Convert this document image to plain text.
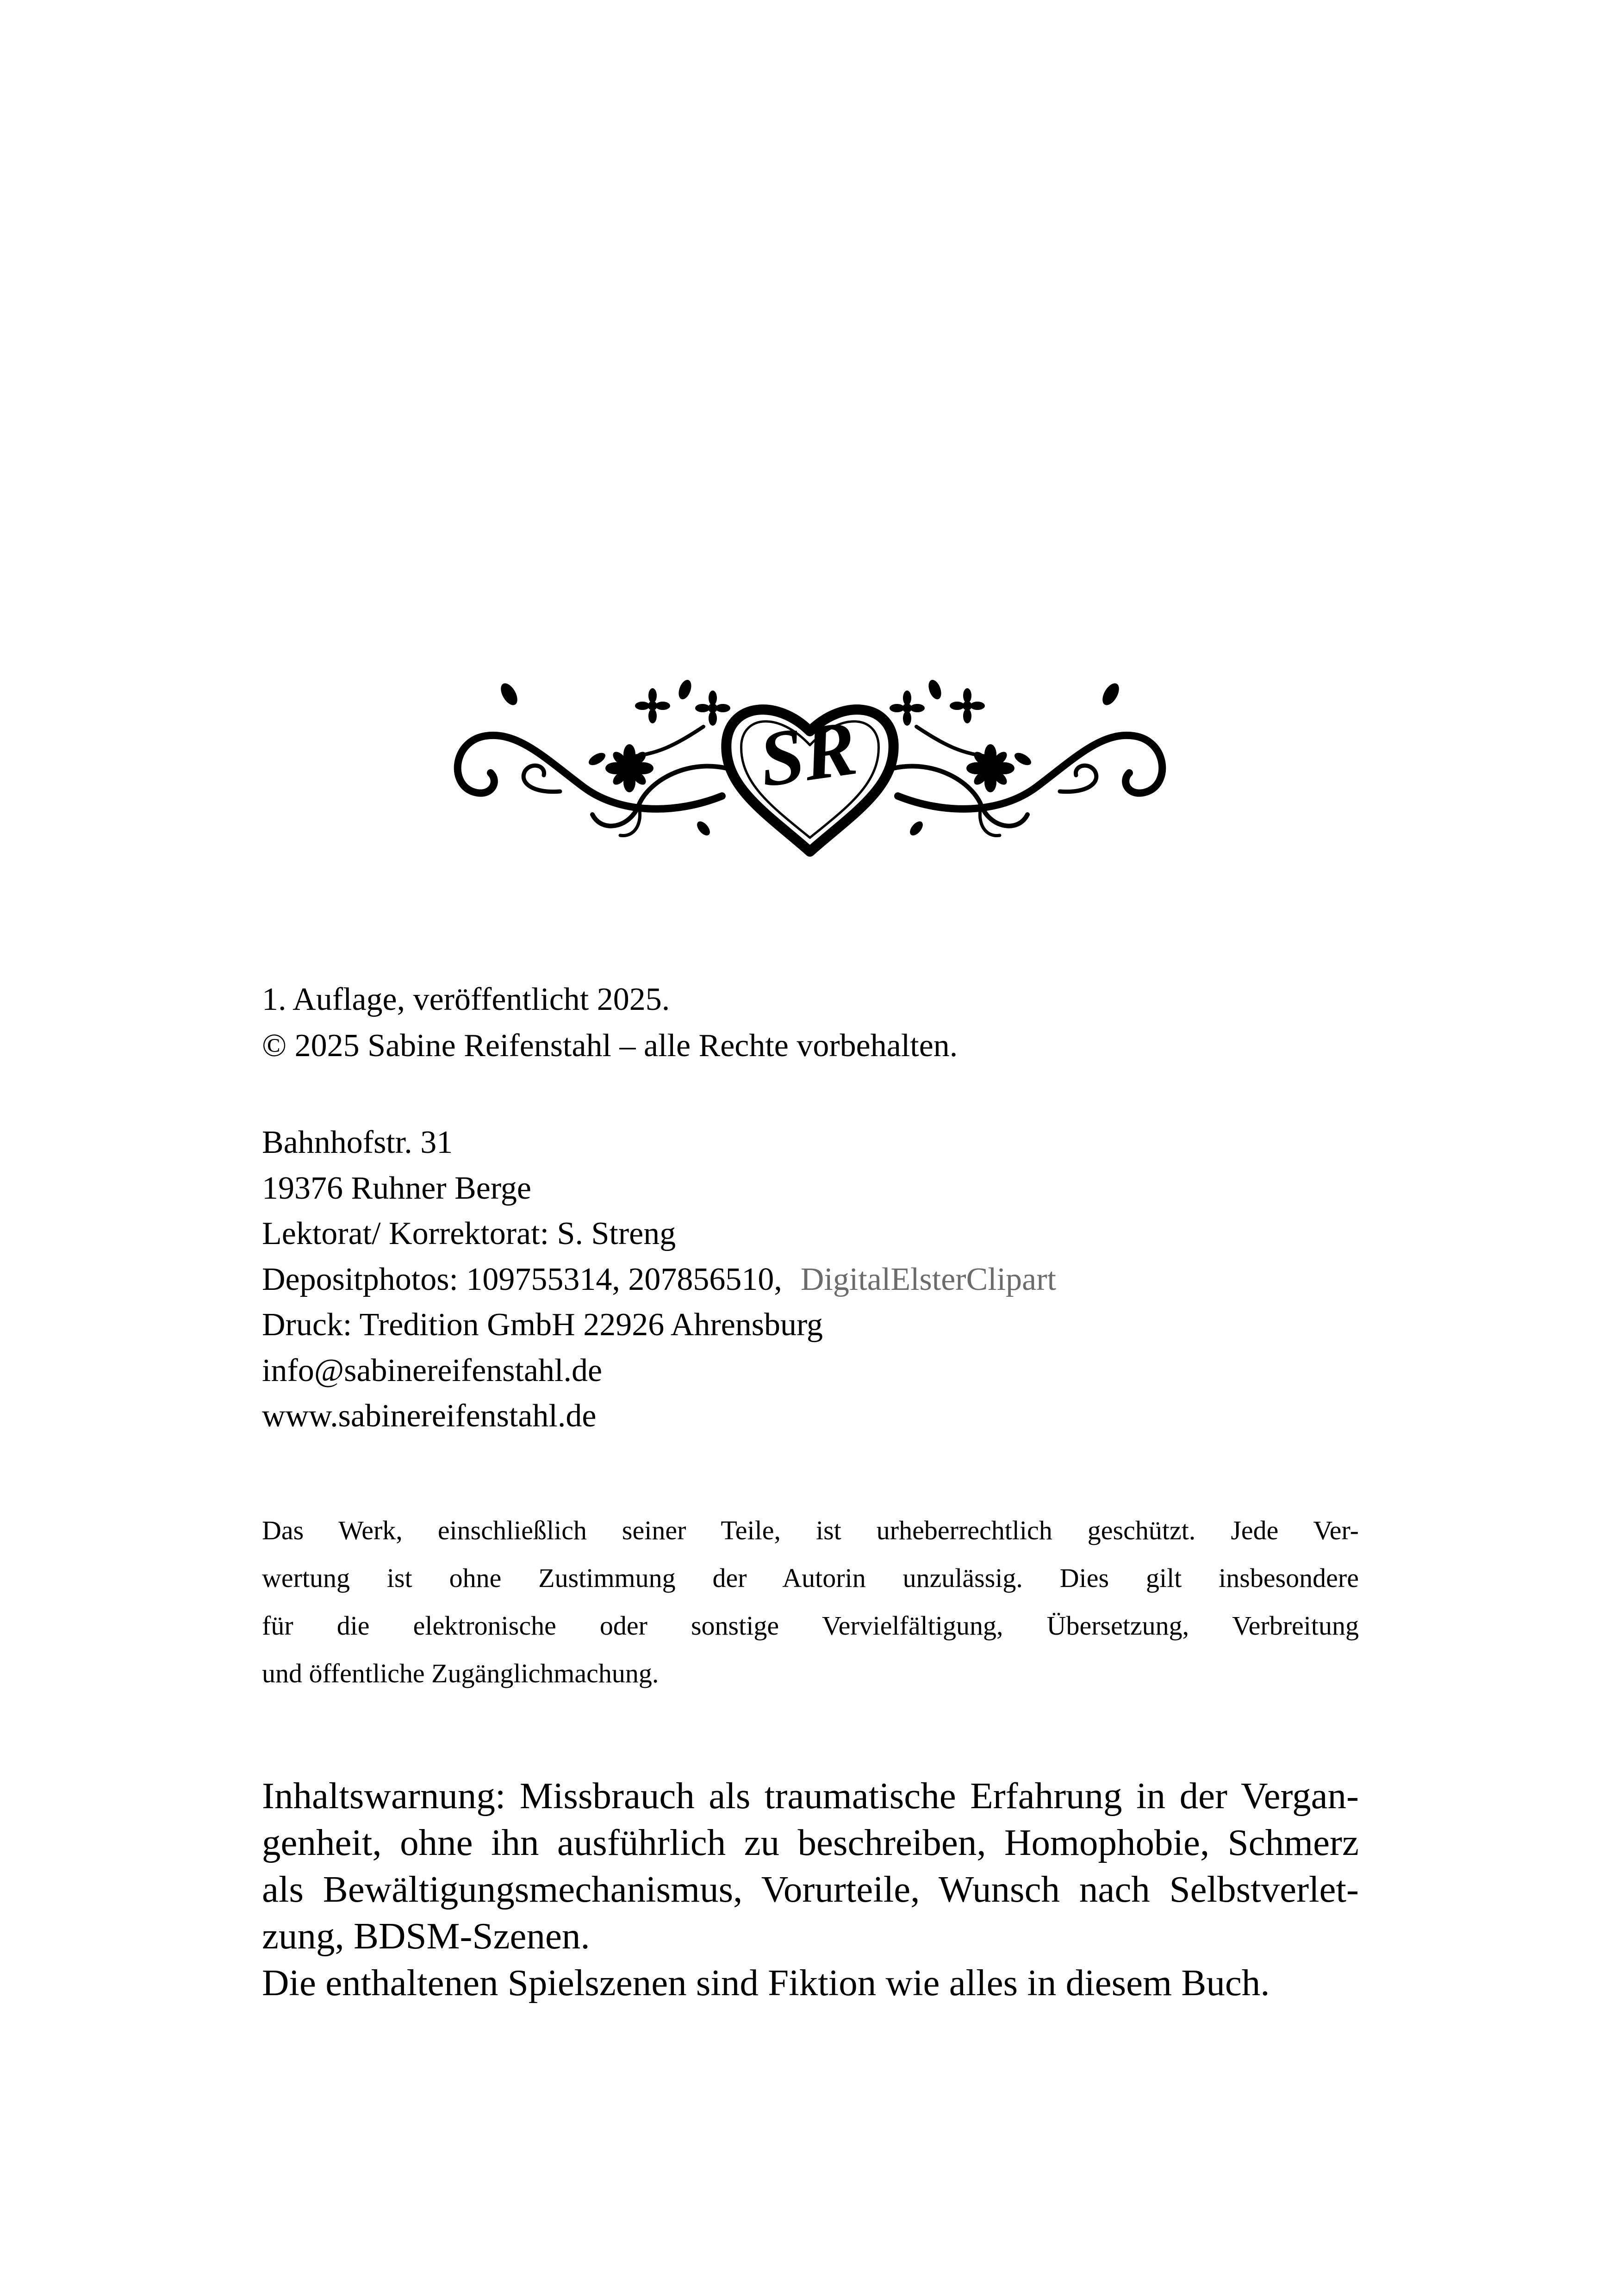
SR
1. Auflage, veröffentlicht 2025.
© 2025 Sabine Reifenstahl – alle Rechte vorbehalten.
Bahnhofstr. 31
19376 Ruhner Berge
Lektorat/ Korrektorat: S. Streng
Depositphotos: 109755314, 207856510, DigitalElsterClipart
Druck: Tredition GmbH 22926 Ahrensburg
info@sabinereifenstahl.de
www.sabinereifenstahl.de
Das Werk, einschließlich seiner Teile, ist urheberrechtlich geschützt. Jede Ver-
wertung ist ohne Zustimmung der Autorin unzulässig. Dies gilt insbesondere
für die elektronische oder sonstige Vervielfältigung, Übersetzung, Verbreitung
und öffentliche Zugänglichmachung.
Inhaltswarnung: Missbrauch als traumatische Erfahrung in der Vergan-
genheit, ohne ihn ausführlich zu beschreiben, Homophobie, Schmerz
als Bewältigungsmechanismus, Vorurteile, Wunsch nach Selbstverlet-
zung, BDSM-Szenen.
Die enthaltenen Spielszenen sind Fiktion wie alles in diesem Buch.
